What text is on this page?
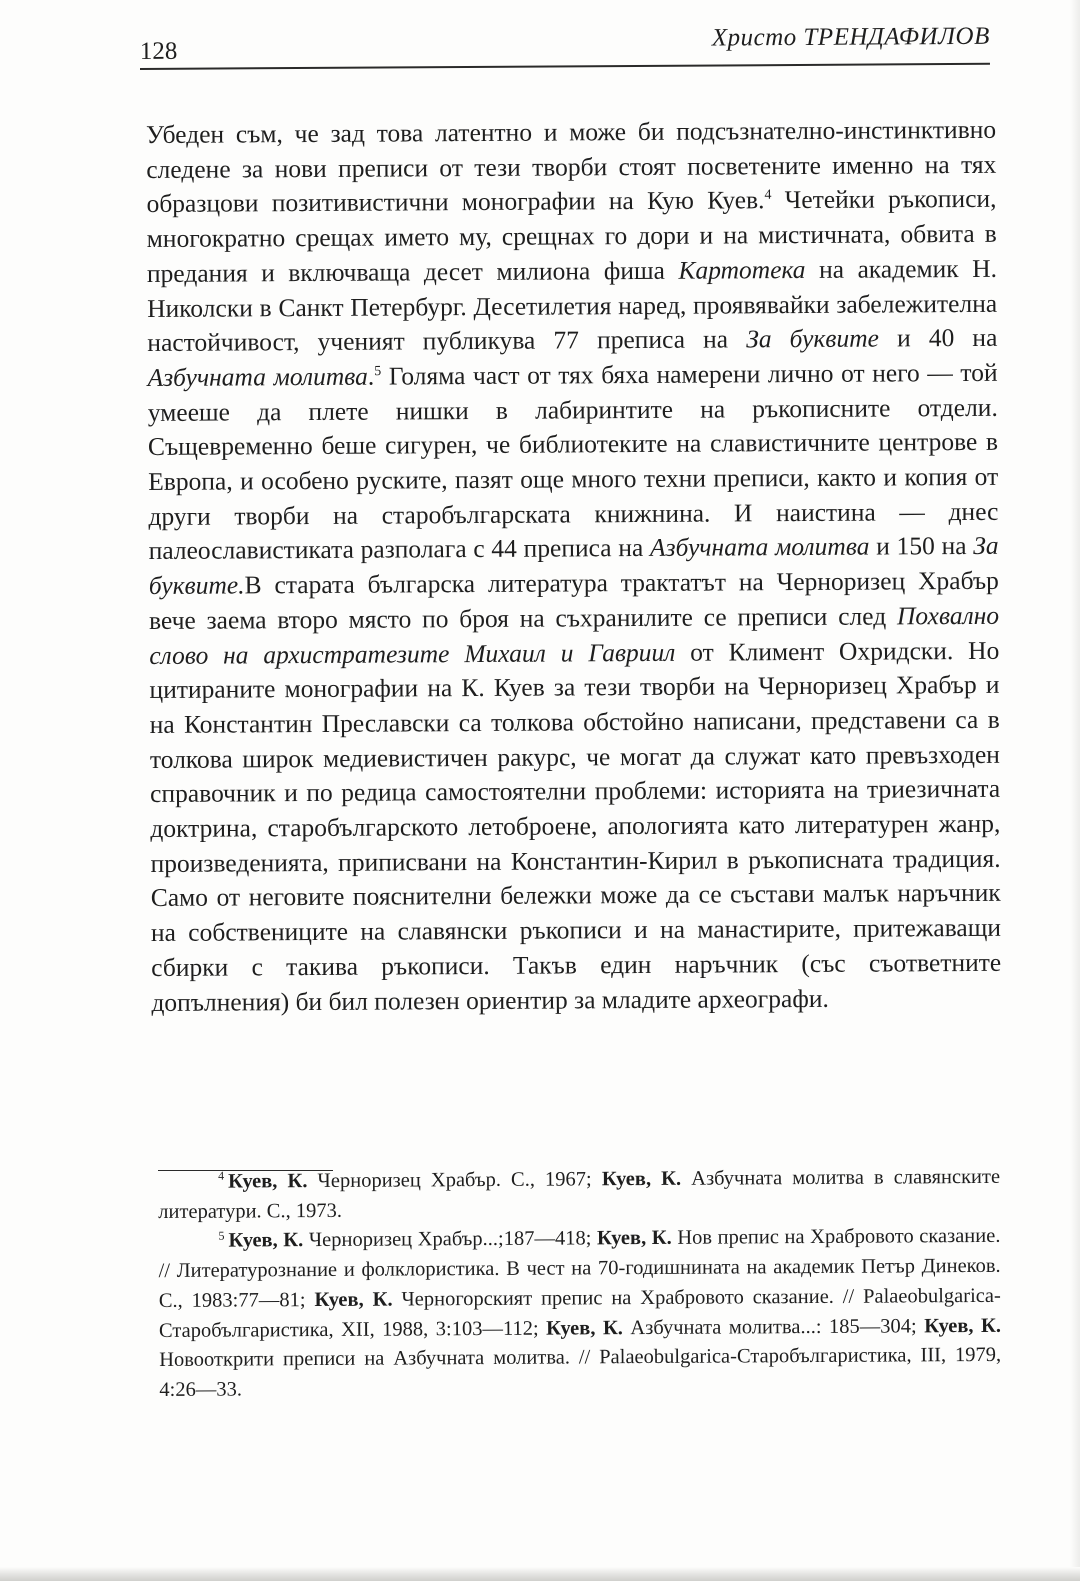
128	Христо ТРЕНДАФИЛОВ

Убеден съм, че зад това латентно и може би подсъзнателно-инстинктивно следене за нови преписи от тези творби стоят посветените именно на тях образцови позитивистични монографии на Кую Куев.$^4$ Четейки ръкописи, многократно срещах името му, срещнах го дори и на мистичната, обвита в предания и включваща десет милиона фиша Картотека на академик Н. Николски в Санкт Петербург. Десетилетия наред, проявявайки забележителна настойчивост, ученият публикува 77 преписа на За буквите и 40 на Азбучната молитва.$^5$ Голяма част от тях бяха намерени лично от него — той умееше да плете нишки в лабиринтите на ръкописните отдели. Същевременно беше сигурен, че библиотеките на славистичните центрове в Европа, и особено руските, пазят още много техни преписи, както и копия от други творби на старобългарската книжнина. И наистина — днес палеославистиката разполага с 44 преписа на Азбучната молитва и 150 на За буквите.В старата българска литература трактатът на Черноризец Храбър вече заема второ място по броя на съхранилите се преписи след Похвално слово на архистратезите Михаил и Гавриил от Климент Охридски. Но цитираните монографии на К. Куев за тези творби на Черноризец Храбър и на Константин Преславски са толкова обстойно написани, представени са в толкова широк медиевистичен ракурс, че могат да служат като превъзходен справочник и по редица самостоятелни проблеми: историята на триезичната доктрина, старобългарското летоброене, апологията като литературен жанр, произведенията, приписвани на Константин-Кирил в ръкописната традиция. Само от неговите пояснителни бележки може да се състави малък наръчник на собствениците на славянски ръкописи и на манастирите, притежаващи сбирки с такива ръкописи. Такъв един наръчник (със съответните допълнения) би бил полезен ориентир за младите археографи.

$^4$ Куев, К. Черноризец Храбър. С., 1967; Куев, К. Азбучната молитва в славянските литератури. С., 1973.

$^5$ Куев, К. Черноризец Храбър...;187—418; Куев, К. Нов препис на Храбровото сказание. // Литературознание и фолклористика. В чест на 70-годишнината на академик Петър Динеков. С., 1983:77—81; Куев, К. Черногорският препис на Храбровото сказание. // Palaeobulgarica-Старобългаристика, XII, 1988, 3:103—112; Куев, К. Азбучната молитва...: 185—304; Куев, К. Новооткрити преписи на Азбучната молитва. // Palaeobulgarica-Старобългаристика, III, 1979, 4:26—33.
